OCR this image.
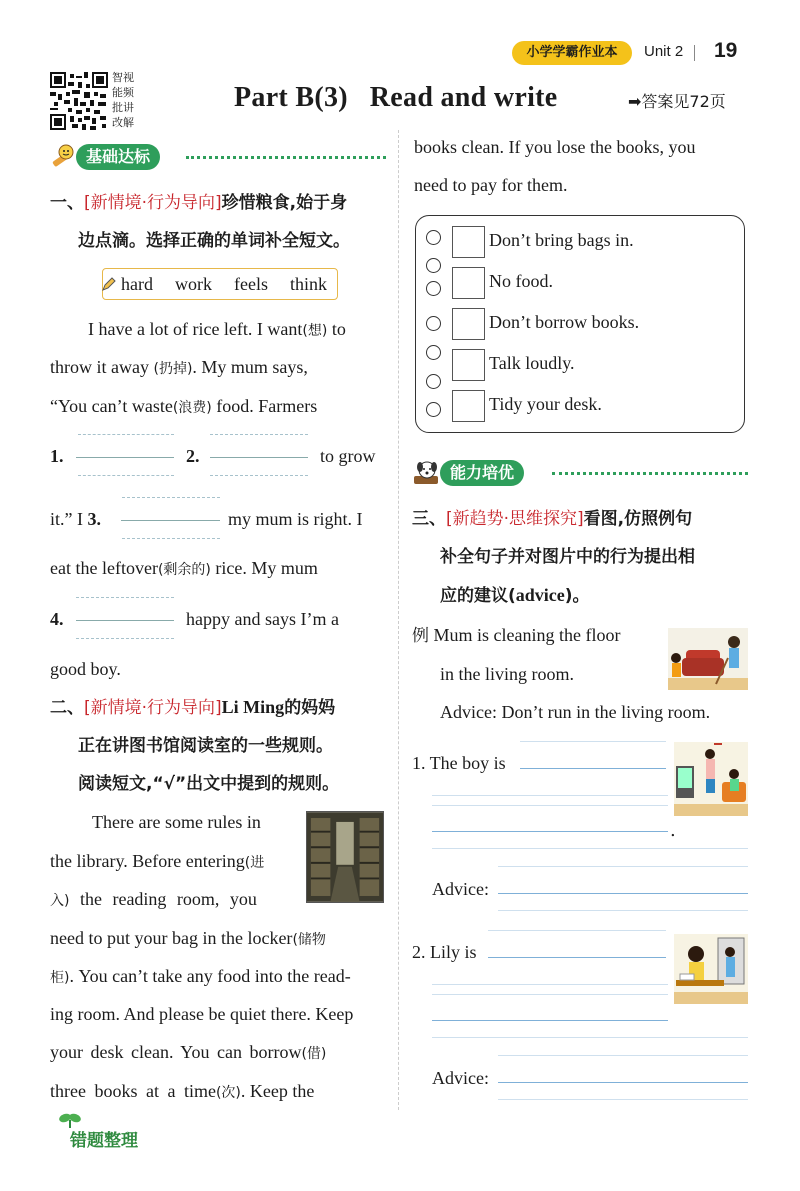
小学学霸作业本	Unit 2 19
智视
能频
批讲
改解
Part B(3)   Read and write	➡答案见72页
基础达标
一、[新情境·行为导向]珍惜粮食,始于身
边点滴。选择正确的单词补全短文。
hard work feels think
I have a lot of rice left. I want(想) to
throw it away (扔掉). My mum says,
“You can’t waste(浪费) food. Farmers
1.	2.	to grow
it.” I 3.	my mum is right. I
eat the leftover(剩余的) rice. My mum
4.	happy and says I’m a
good boy.
二、[新情境·行为导向]Li Ming的妈妈
正在讲图书馆阅读室的一些规则。
阅读短文,“√”出文中提到的规则。
There are some rules in
the library. Before entering(进
入) the reading room, you
need to put your bag in the locker(储物
柜). You can’t take any food into the read-
ing room. And please be quiet there. Keep
your desk clean. You can borrow(借)
three books at a time(次). Keep the
错题整理
books clean. If you lose the books, you
need to pay for them.
Don’t bring bags in.
No food.
Don’t borrow books.
Talk loudly.
Tidy your desk.
能力培优
三、[新趋势·思维探究]看图,仿照例句
补全句子并对图片中的行为提出相
应的建议(advice)。
例 Mum is cleaning the floor
in the living room.
Advice: Don’t run in the living room.
1. The boy is
.
Advice:
2. Lily is
Advice:
